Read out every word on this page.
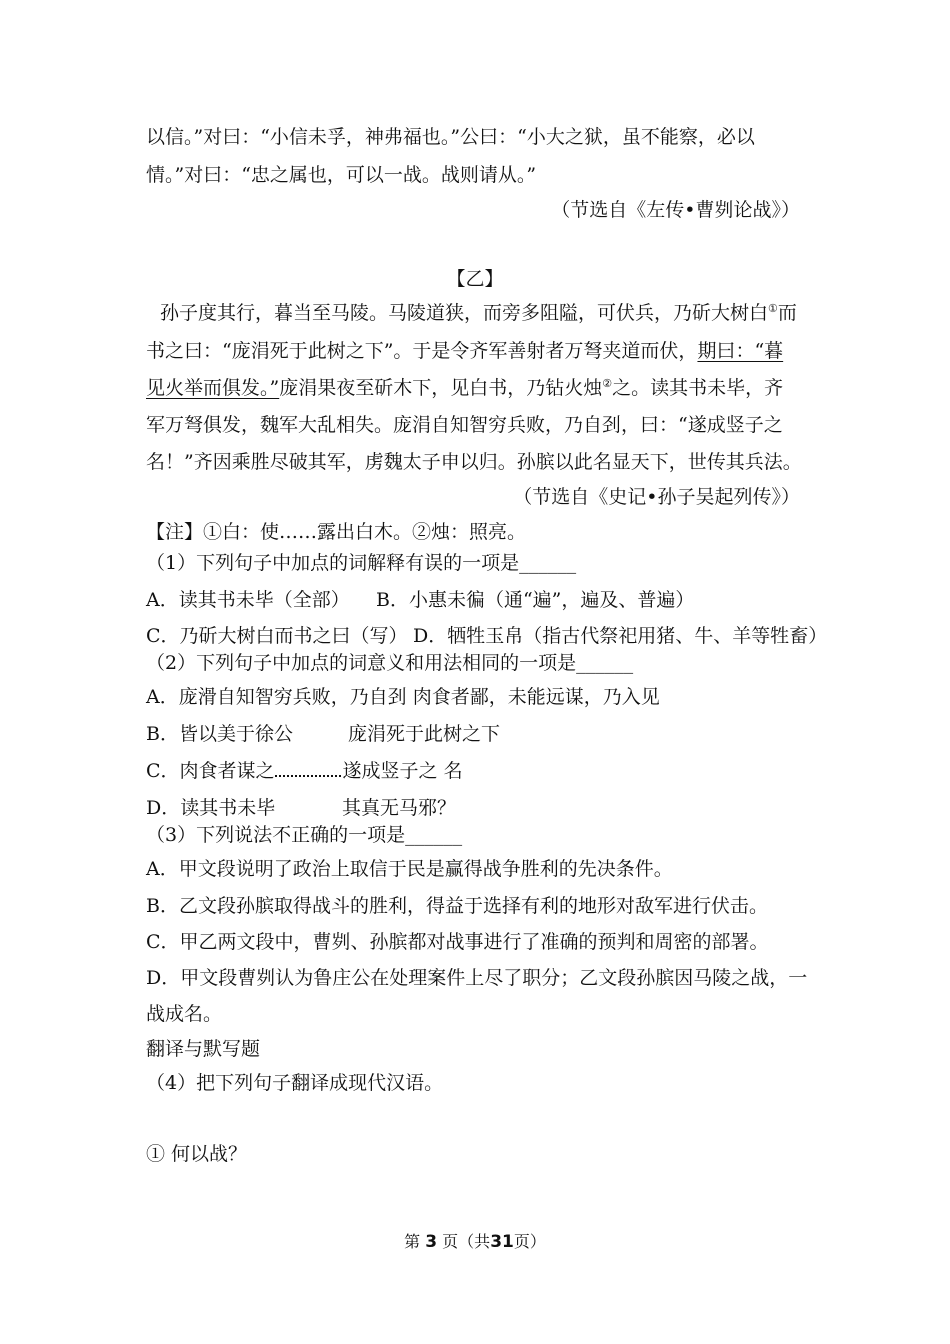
以信。”对曰：“小信未孚，神弗福也。”公曰：“小大之狱，虽不能察，必以
情。”对曰：“忠之属也，可以一战。战则请从。”
（节选自《左传•曹刿论战》）
【乙】
孙子度其行，暮当至马陵。马陵道狭，而旁多阻隘，可伏兵，乃斫大树白①而
书之曰：“庞涓死于此树之下”。于是令齐军善射者万弩夹道而伏，期曰：“暮
见火举而俱发。”庞涓果夜至斫木下，见白书，乃钻火烛②之。读其书未毕，齐
军万弩俱发，魏军大乱相失。庞涓自知智穷兵败，乃自刭，曰：“遂成竖子之
名！”齐因乘胜尽破其军，虏魏太子申以归。孙膑以此名显天下，世传其兵法。
（节选自《史记•孙子吴起列传》）
【注】①白：使……露出白木。②烛：照亮。
（1）下列句子中加点的词解释有误的一项是______
A．读其书未毕（全部） B．小惠未徧（通“遍”，遍及、普遍）
C．乃斫大树白而书之曰（写） D．牺牲玉帛（指古代祭祀用猪、牛、羊等牲畜）
（2）下列句子中加点的词意义和用法相同的一项是______
A．庞滑自知智穷兵败，乃自刭 肉食者鄙，未能远谋，乃入见
B．皆以美于徐公	庞涓死于此树之下
C．肉食者谋之	遂成竖子之 名
D．读其书未毕	其真无马邪？
（3）下列说法不正确的一项是______
A．甲文段说明了政治上取信于民是赢得战争胜利的先决条件。
B．乙文段孙膑取得战斗的胜利，得益于选择有利的地形对敌军进行伏击。
C．甲乙两文段中，曹刿、孙膑都对战事进行了准确的预判和周密的部署。
D．甲文段曹刿认为鲁庄公在处理案件上尽了职分；乙文段孙膑因马陵之战，一
战成名。
翻译与默写题
（4）把下列句子翻译成现代汉语。
① 何以战？
第 3 页（共31页）
